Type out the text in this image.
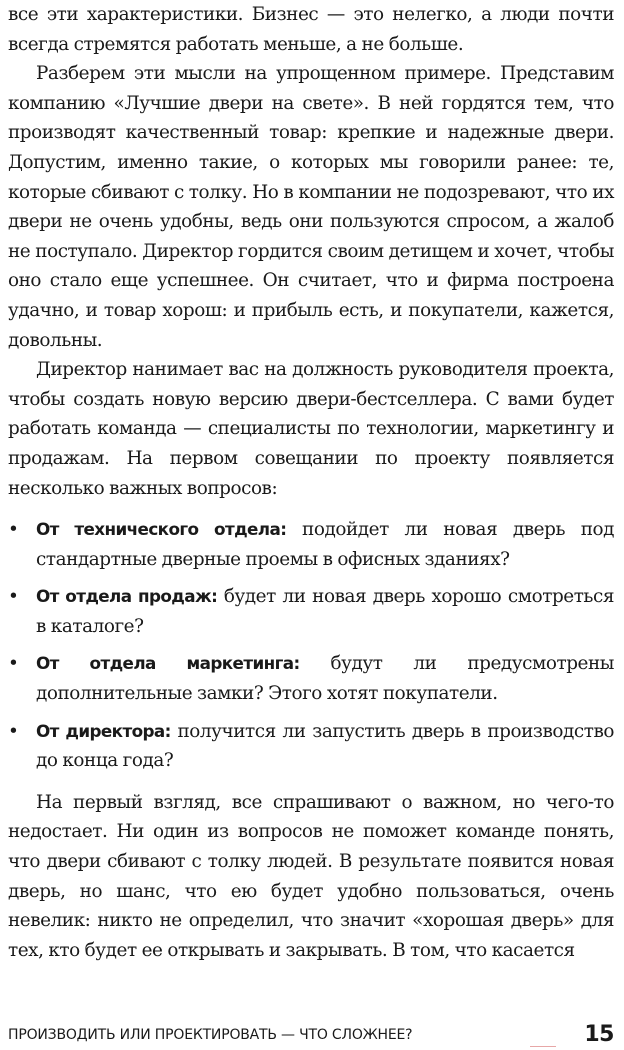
все эти характеристики. Бизнес — это нелегко, а люди почти всегда стремятся работать меньше, а не больше.

Разберем эти мысли на упрощенном примере. Представим компанию «Лучшие двери на свете». В ней гордятся тем, что производят качественный товар: крепкие и надежные двери. Допустим, именно такие, о которых мы говорили ранее: те, которые сбивают с толку. Но в компании не подозревают, что их двери не очень удобны, ведь они пользуются спросом, а жалоб не поступало. Директор гордится своим детищем и хочет, чтобы оно стало еще успешнее. Он считает, что и фирма построена удачно, и товар хорош: и прибыль есть, и покупатели, кажется, довольны.

Директор нанимает вас на должность руководителя проекта, чтобы создать новую версию двери-бестселлера. С вами будет работать команда — специалисты по технологии, маркетингу и продажам. На первом совещании по проекту появляется несколько важных вопросов:

•	От технического отдела: подойдет ли новая дверь под стандартные дверные проемы в офисных зданиях?
•	От отдела продаж: будет ли новая дверь хорошо смотреться в каталоге?
•	От отдела маркетинга: будут ли предусмотрены дополнительные замки? Этого хотят покупатели.
•	От директора: получится ли запустить дверь в производство до конца года?

На первый взгляд, все спрашивают о важном, но чего-то недостает. Ни один из вопросов не поможет команде понять, что двери сбивают с толку людей. В результате появится новая дверь, но шанс, что ею будет удобно пользоваться, очень невелик: никто не определил, что значит «хорошая дверь» для тех, кто будет ее открывать и закрывать. В том, что касается

ПРОИЗВОДИТЬ ИЛИ ПРОЕКТИРОВАТЬ — ЧТО СЛОЖНЕЕ?	15
